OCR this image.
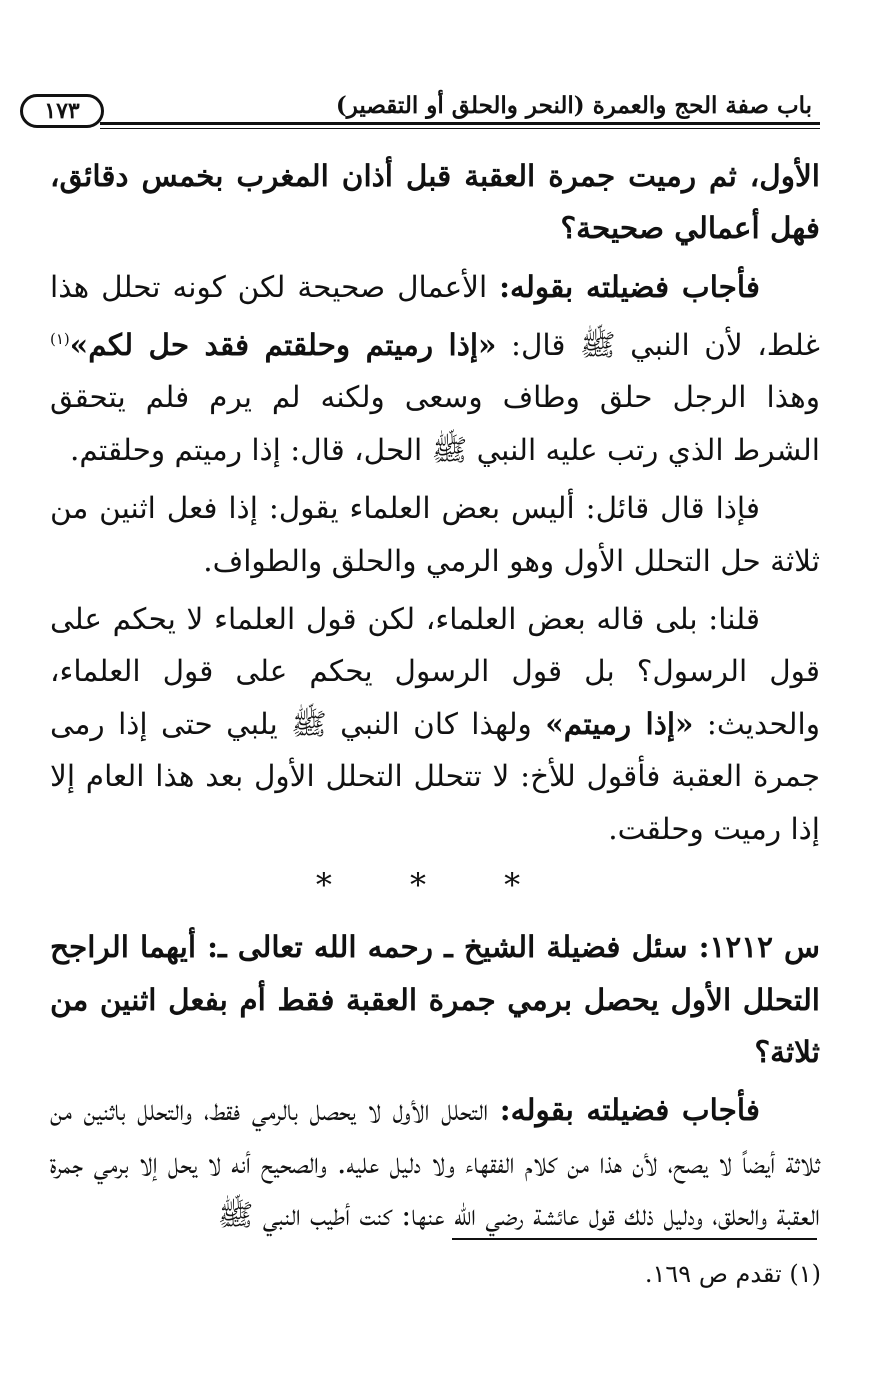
١٧٣	باب صفة الحج والعمرة (النحر والحلق أو التقصير)

الأول، ثم رميت جمرة العقبة قبل أذان المغرب بخمس دقائق، فهل أعمالي صحيحة؟

فأجاب فضيلته بقوله: الأعمال صحيحة لكن كونه تحلل هذا غلط، لأن النبي ﷺ قال: «إذا رميتم وحلقتم فقد حل لكم»$^{(١)}$ وهذا الرجل حلق وطاف وسعى ولكنه لم يرم فلم يتحقق الشرط الذي رتب عليه النبي ﷺ الحل، قال: إذا رميتم وحلقتم.

فإذا قال قائل: أليس بعض العلماء يقول: إذا فعل اثنين من ثلاثة حل التحلل الأول وهو الرمي والحلق والطواف.

قلنا: بلى قاله بعض العلماء، لكن قول العلماء لا يحكم على قول الرسول؟ بل قول الرسول يحكم على قول العلماء، والحديث: «إذا رميتم» ولهذا كان النبي ﷺ يلبي حتى إذا رمى جمرة العقبة فأقول للأخ: لا تتحلل التحلل الأول بعد هذا العام إلا إذا رميت وحلقت.

* * *

س ١٢١٢: سئل فضيلة الشيخ ـ رحمه الله تعالى ـ: أيهما الراجح التحلل الأول يحصل برمي جمرة العقبة فقط أم بفعل اثنين من ثلاثة؟

فأجاب فضيلته بقوله: التحلل الأول لا يحصل بالرمي فقط، والتحلل باثنين من ثلاثة أيضاً لا يصح، لأن هذا من كلام الفقهاء ولا دليل عليه. والصحيح أنه لا يحل إلا برمي جمرة العقبة والحلق، ودليل ذلك قول عائشة رضي الله عنها: كنت أطيب النبي ﷺ

(١) تقدم ص ١٦٩.
